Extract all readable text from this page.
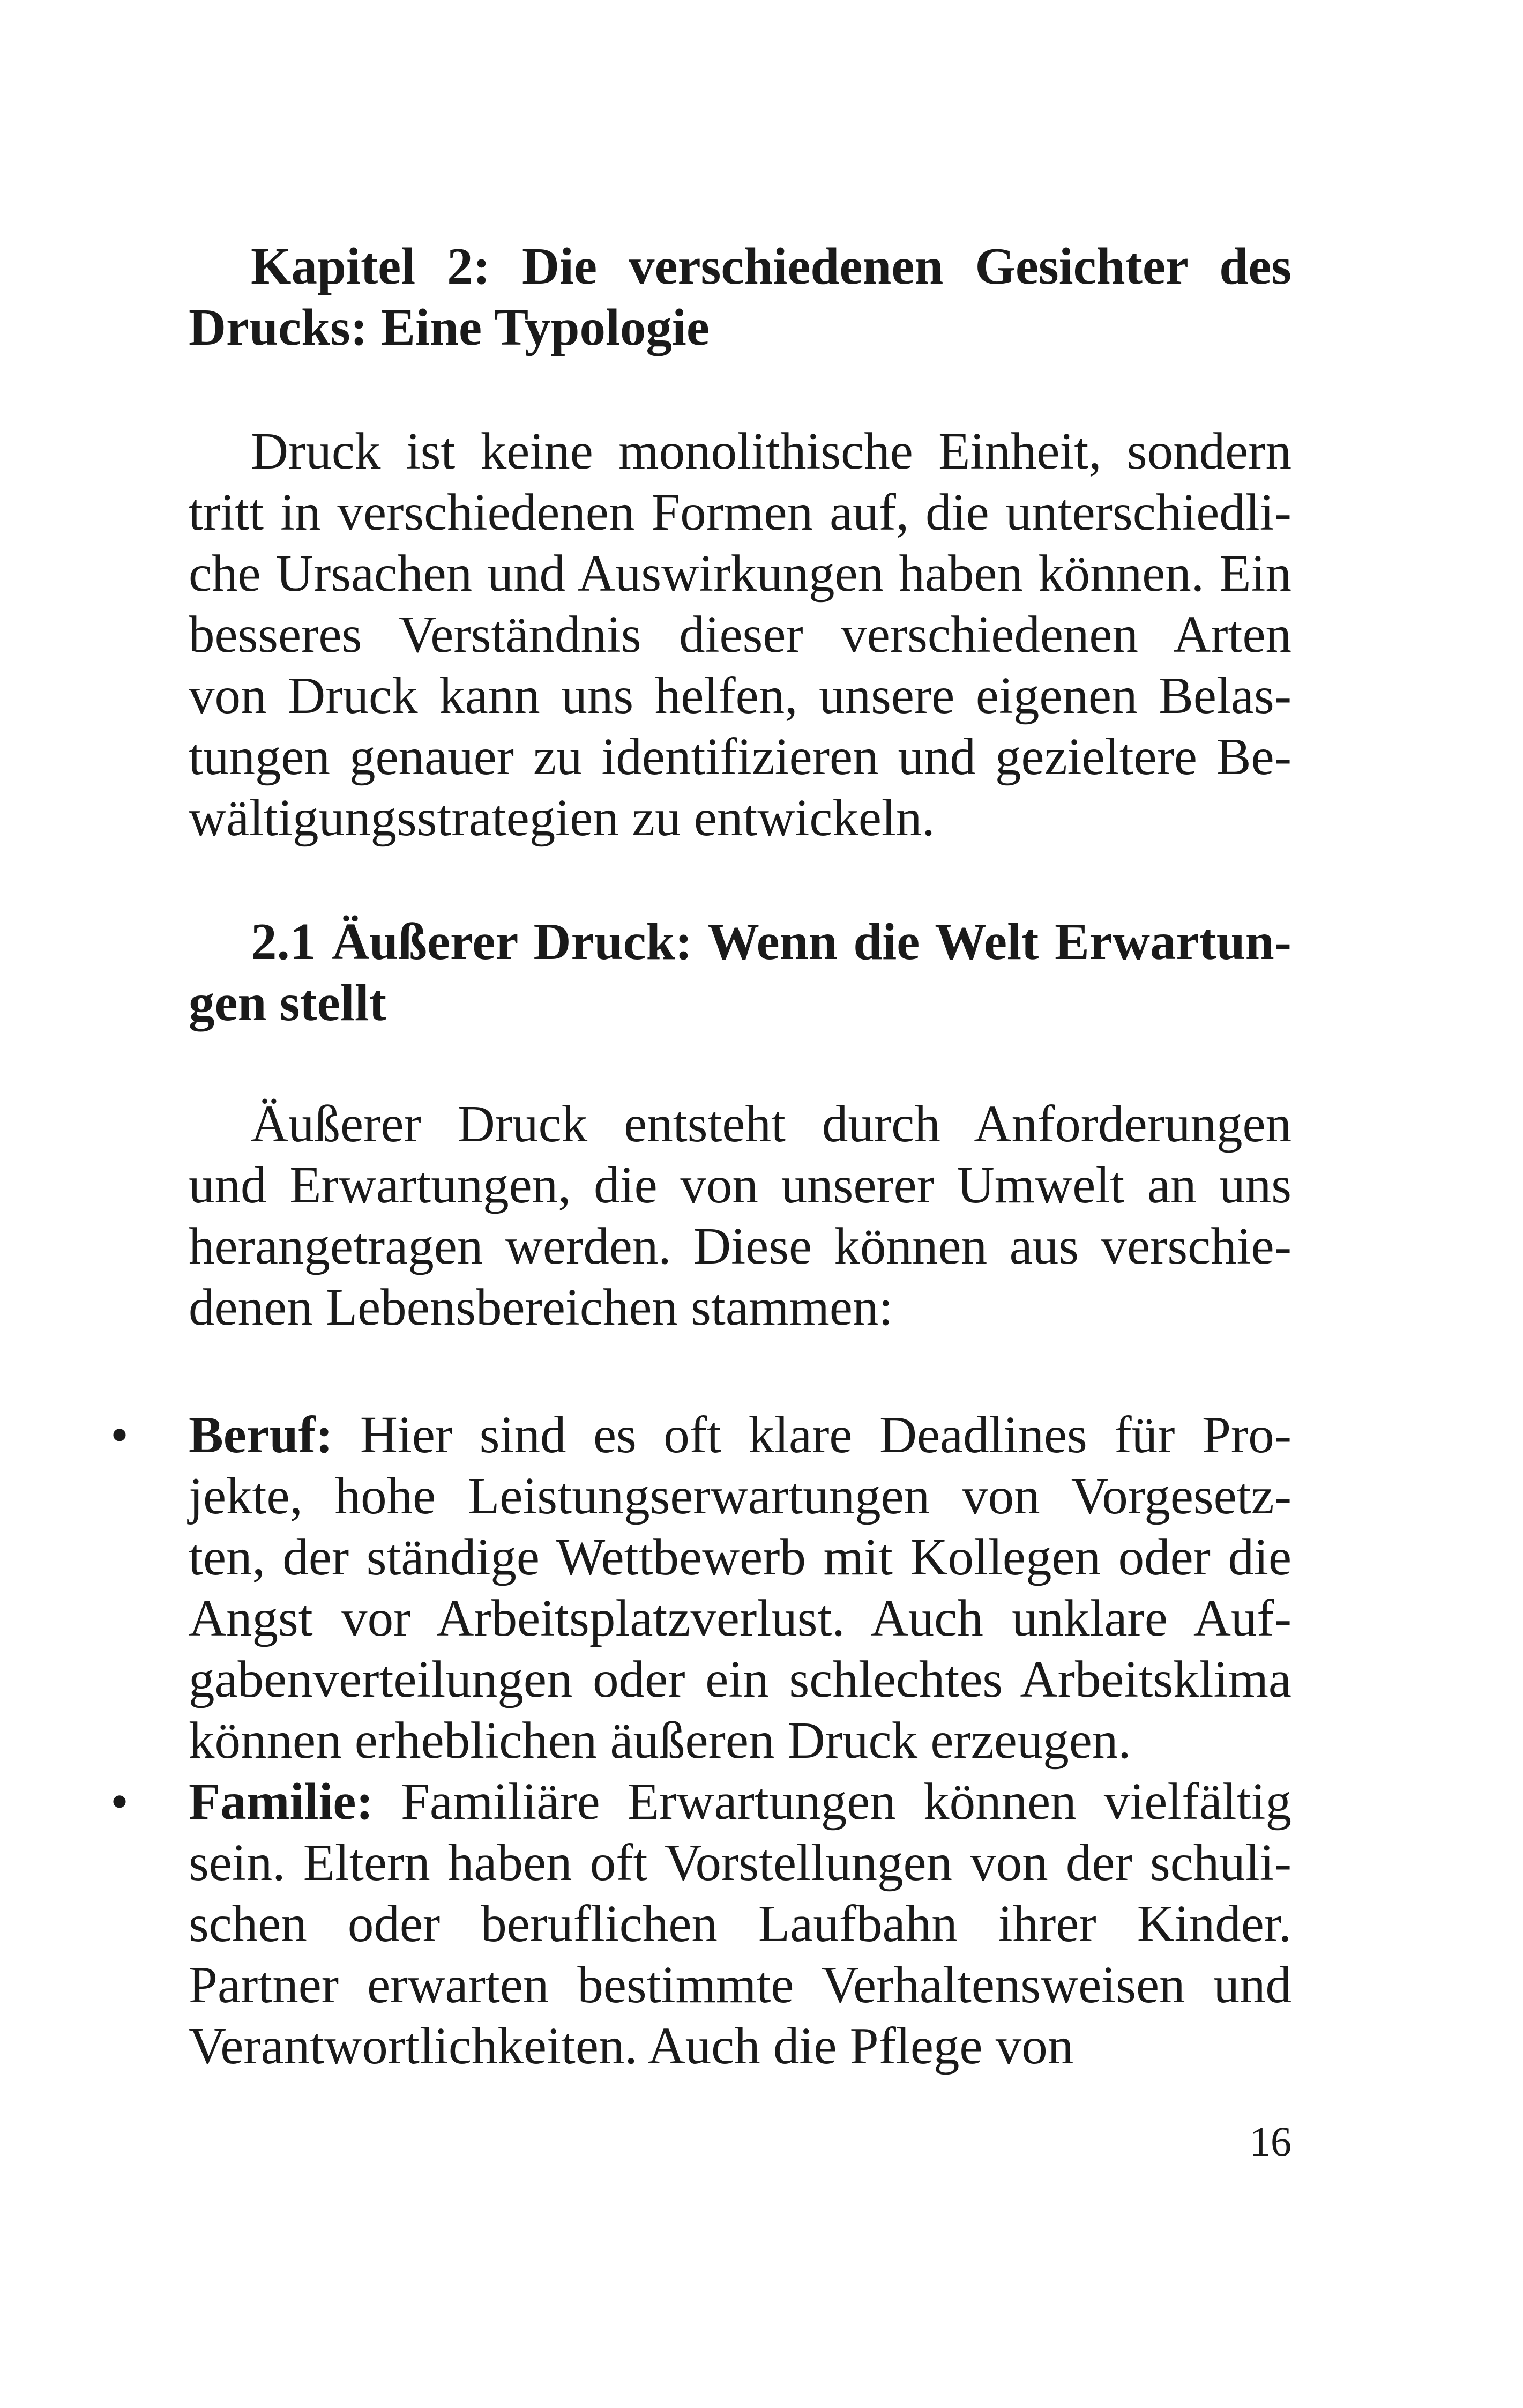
Kapitel 2: Die verschiedenen Gesichter des
Drucks: Eine Typologie
Druck ist keine monolithische Einheit, sondern
tritt in verschiedenen Formen auf, die unterschiedli-
che Ursachen und Auswirkungen haben können. Ein
besseres Verständnis dieser verschiedenen Arten
von Druck kann uns helfen, unsere eigenen Belas-
tungen genauer zu identifizieren und gezieltere Be-
wältigungsstrategien zu entwickeln.
2.1 Äußerer Druck: Wenn die Welt Erwartun-
gen stellt
Äußerer Druck entsteht durch Anforderungen
und Erwartungen, die von unserer Umwelt an uns
herangetragen werden. Diese können aus verschie-
denen Lebensbereichen stammen:
• Beruf: Hier sind es oft klare Deadlines für Pro-
jekte, hohe Leistungserwartungen von Vorgesetz-
ten, der ständige Wettbewerb mit Kollegen oder die
Angst vor Arbeitsplatzverlust. Auch unklare Auf-
gabenverteilungen oder ein schlechtes Arbeitsklima
können erheblichen äußeren Druck erzeugen.
• Familie: Familiäre Erwartungen können vielfältig
sein. Eltern haben oft Vorstellungen von der schuli-
schen oder beruflichen Laufbahn ihrer Kinder.
Partner erwarten bestimmte Verhaltensweisen und
Verantwortlichkeiten. Auch die Pflege von
16
